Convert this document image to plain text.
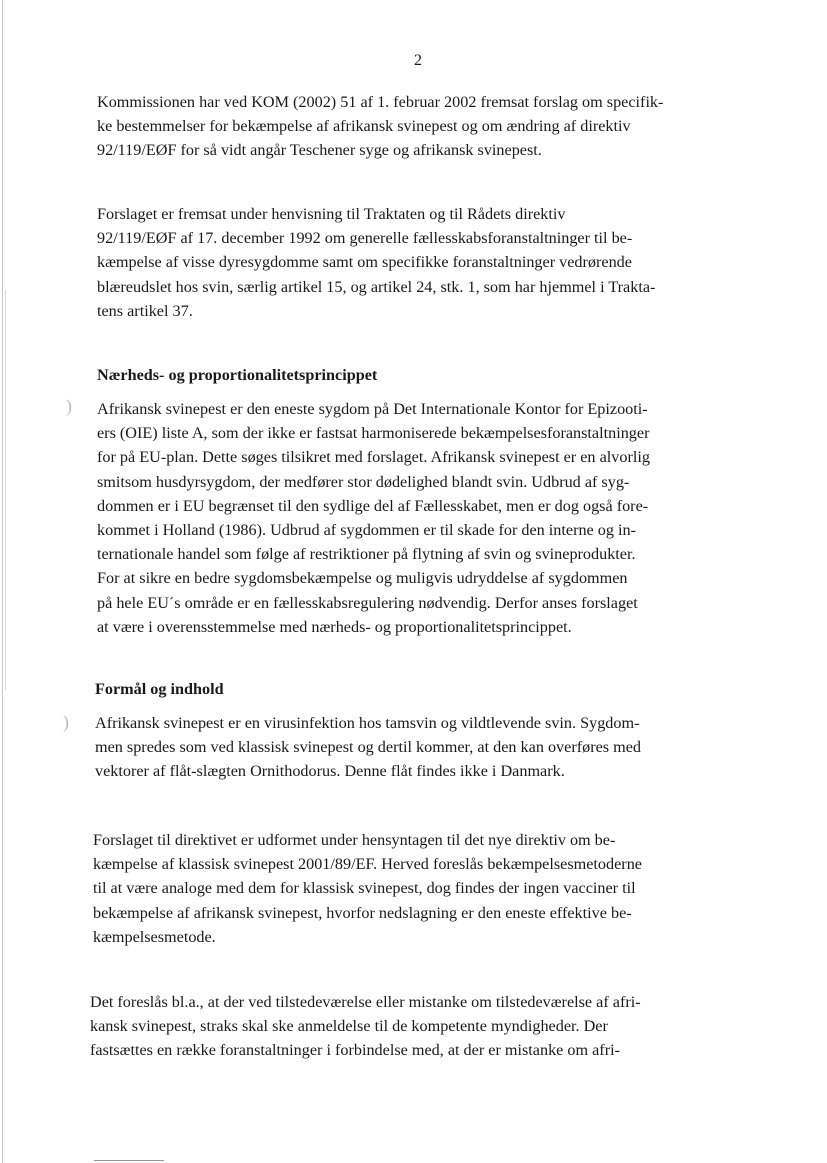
2

Kommissionen har ved KOM (2002) 51 af 1. februar 2002 fremsat forslag om specifik-
ke bestemmelser for bekæmpelse af afrikansk svinepest og om ændring af direktiv
92/119/EØF for så vidt angår Teschener syge og afrikansk svinepest.

Forslaget er fremsat under henvisning til Traktaten og til Rådets direktiv
92/119/EØF af 17. december 1992 om generelle fællesskabsforanstaltninger til be-
kæmpelse af visse dyresygdomme samt om specifikke foranstaltninger vedrørende
blæreudslet hos svin, særlig artikel 15, og artikel 24, stk. 1, som har hjemmel i Trakta-
tens artikel 37.

Nærheds- og proportionalitetsprincippet

Afrikansk svinepest er den eneste sygdom på Det Internationale Kontor for Epizooti-
ers (OIE) liste A, som der ikke er fastsat harmoniserede bekæmpelsesforanstaltninger
for på EU-plan. Dette søges tilsikret med forslaget. Afrikansk svinepest er en alvorlig
smitsom husdyrsygdom, der medfører stor dødelighed blandt svin. Udbrud af syg-
dommen er i EU begrænset til den sydlige del af Fællesskabet, men er dog også fore-
kommet i Holland (1986). Udbrud af sygdommen er til skade for den interne og in-
ternationale handel som følge af restriktioner på flytning af svin og svineprodukter.
For at sikre en bedre sygdomsbekæmpelse og muligvis udryddelse af sygdommen
på hele EU´s område er en fællesskabsregulering nødvendig. Derfor anses forslaget
at være i overensstemmelse med nærheds- og proportionalitetsprincippet.

)
Formål og indhold

Afrikansk svinepest er en virusinfektion hos tamsvin og vildtlevende svin. Sygdom-
men spredes som ved klassisk svinepest og dertil kommer, at den kan overføres med
vektorer af flåt-slægten Ornithodorus. Denne flåt findes ikke i Danmark.

)

Forslaget til direktivet er udformet under hensyntagen til det nye direktiv om be-
kæmpelse af klassisk svinepest 2001/89/EF. Herved foreslås bekæmpelsesmetoderne
til at være analoge med dem for klassisk svinepest, dog findes der ingen vacciner til
bekæmpelse af afrikansk svinepest, hvorfor nedslagning er den eneste effektive be-
kæmpelsesmetode.

Det foreslås bl.a., at der ved tilstedeværelse eller mistanke om tilstedeværelse af afri-
kansk svinepest, straks skal ske anmeldelse til de kompetente myndigheder. Der
fastsættes en række foranstaltninger i forbindelse med, at der er mistanke om afri-
